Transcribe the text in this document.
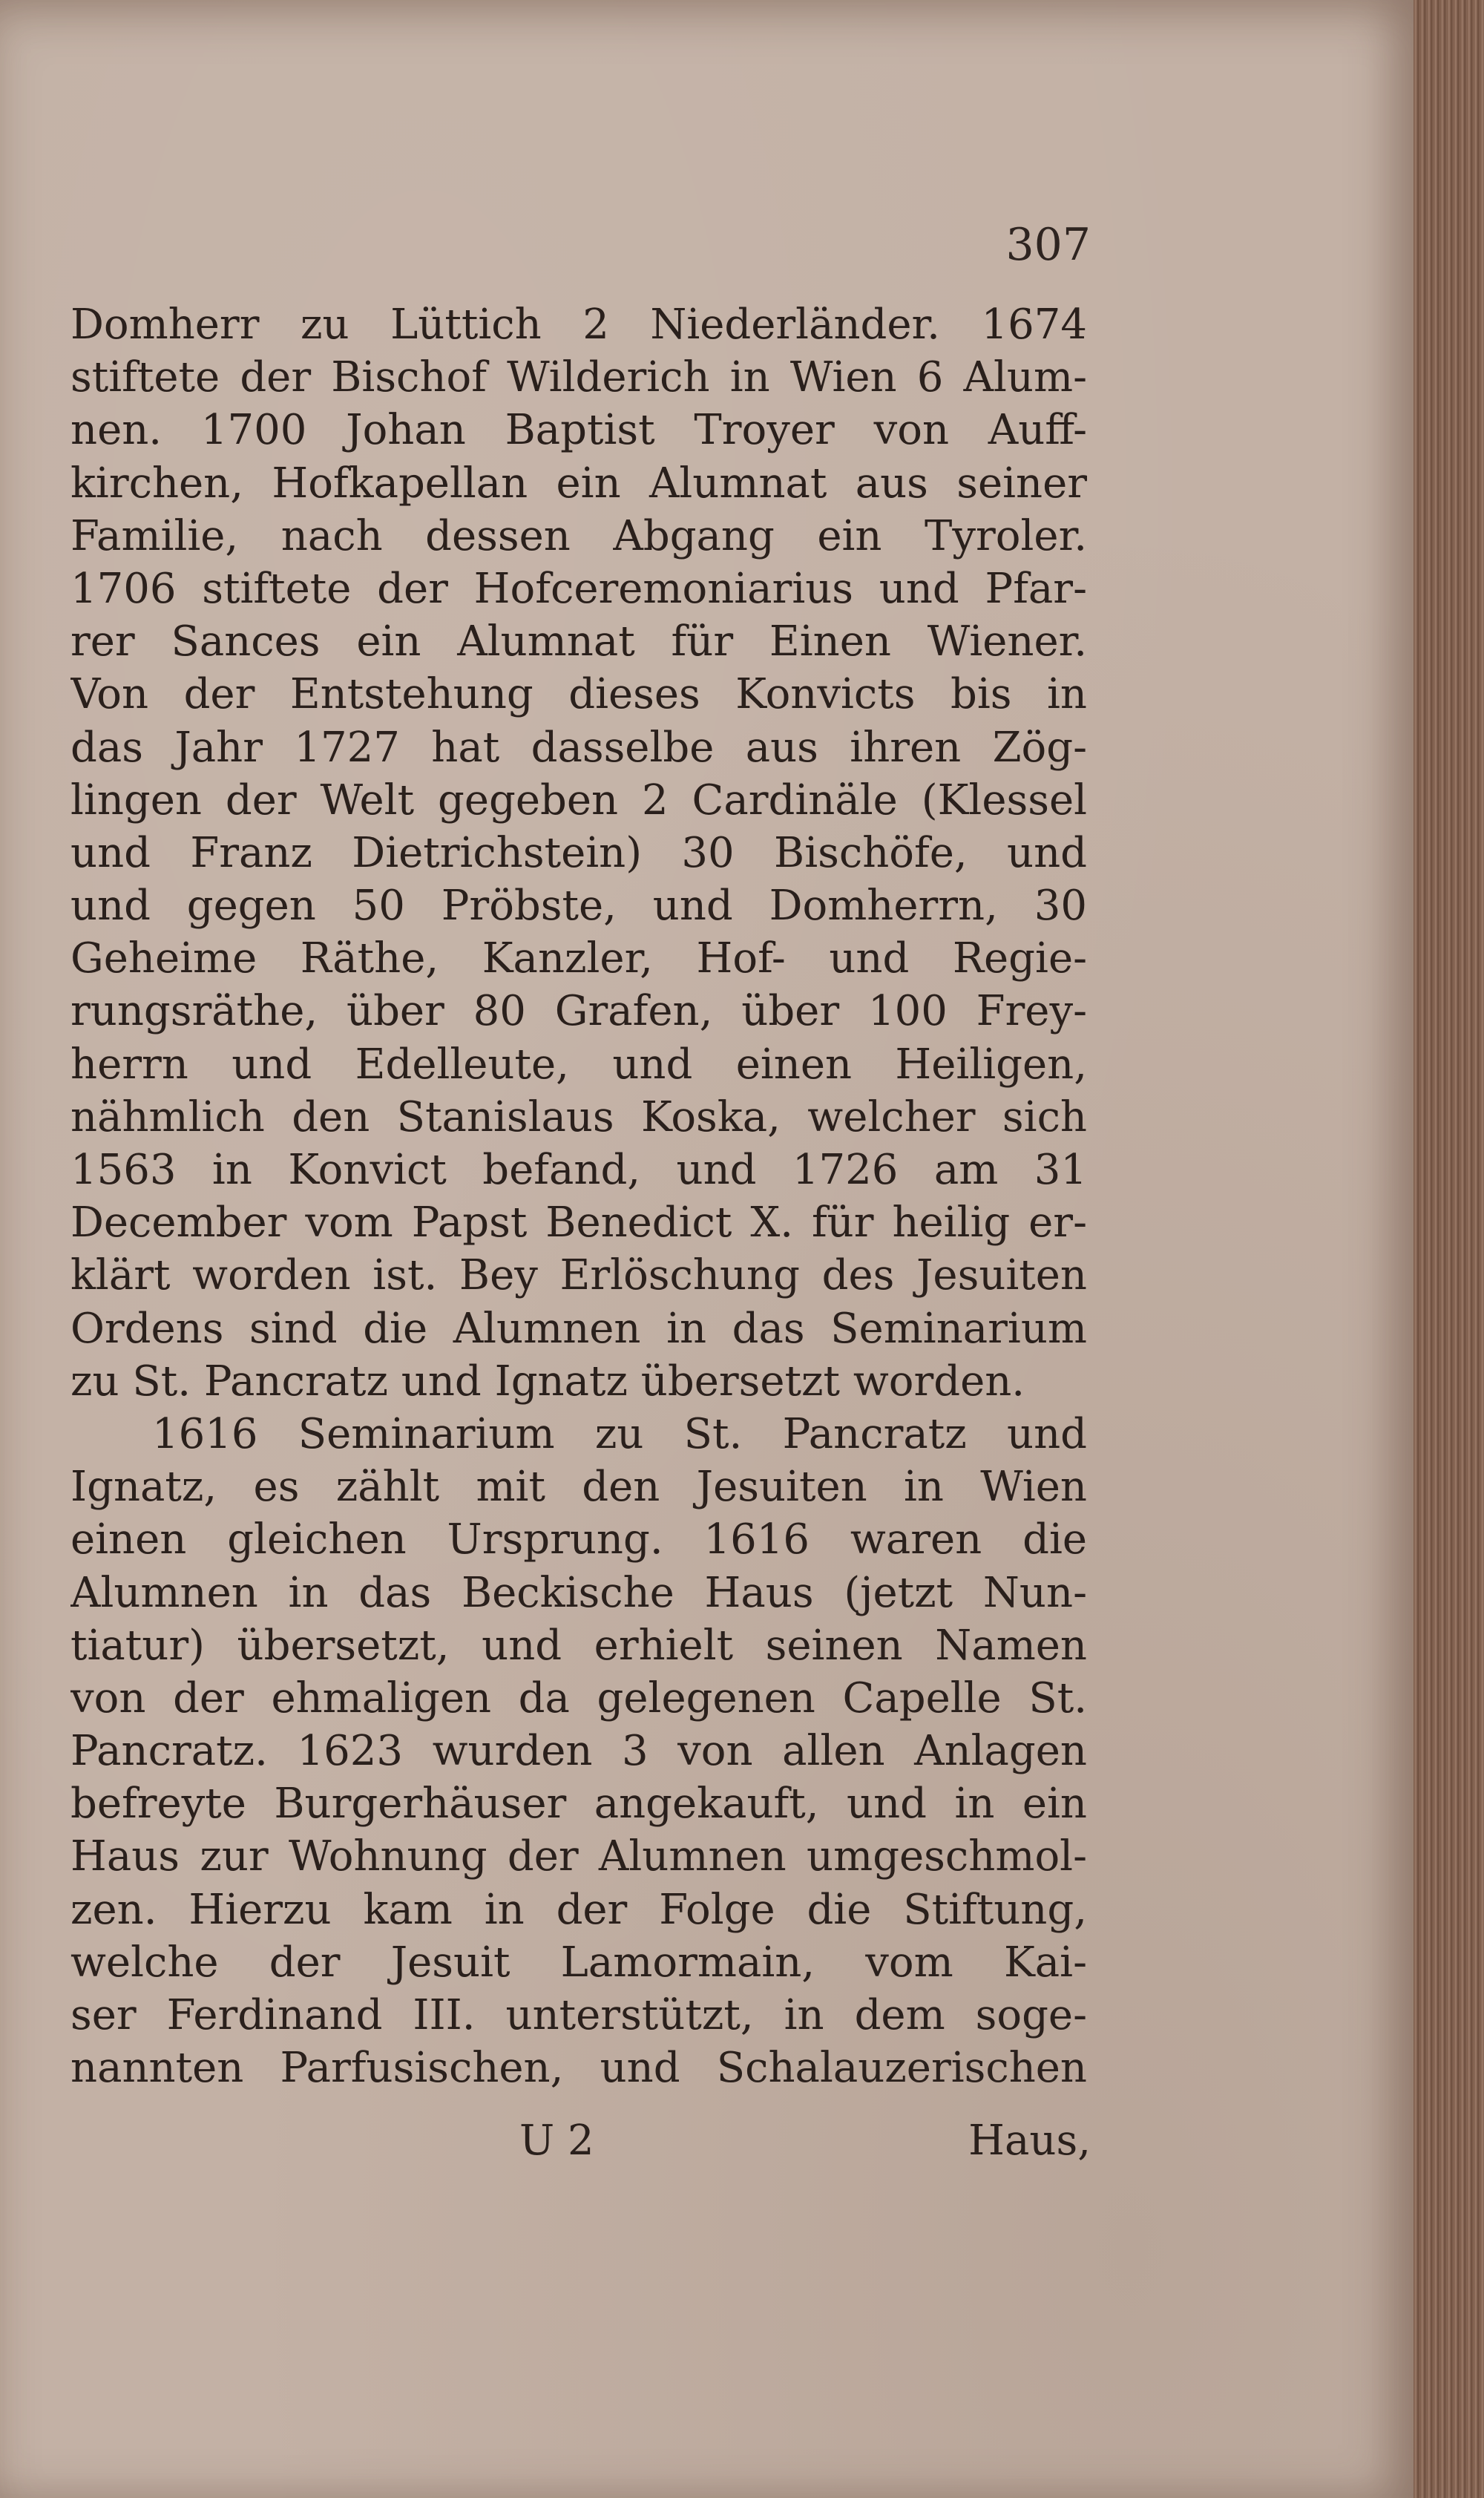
307
Domherr zu Lüttich 2 Niederländer. 1674
stiftete der Bischof Wilderich in Wien 6 Alum-
nen. 1700 Johan Baptist Troyer von Auff-
kirchen, Hofkapellan ein Alumnat aus seiner
Familie, nach dessen Abgang ein Tyroler.
1706 stiftete der Hofceremoniarius und Pfar-
rer Sances ein Alumnat für Einen Wiener.
Von der Entstehung dieses Konvicts bis in
das Jahr 1727 hat dasselbe aus ihren Zög-
lingen der Welt gegeben 2 Cardinäle (Klessel
und Franz Dietrichstein) 30 Bischöfe, und
und gegen 50 Pröbste, und Domherrn, 30
Geheime Räthe, Kanzler, Hof- und Regie-
rungsräthe, über 80 Grafen, über 100 Frey-
herrn und Edelleute, und einen Heiligen,
nähmlich den Stanislaus Koska, welcher sich
1563 in Konvict befand, und 1726 am 31
December vom Papst Benedict X. für heilig er-
klärt worden ist. Bey Erlöschung des Jesuiten
Ordens sind die Alumnen in das Seminarium
zu St. Pancratz und Ignatz übersetzt worden.
1616 Seminarium zu St. Pancratz und
Ignatz, es zählt mit den Jesuiten in Wien
einen gleichen Ursprung. 1616 waren die
Alumnen in das Beckische Haus (jetzt Nun-
tiatur) übersetzt, und erhielt seinen Namen
von der ehmaligen da gelegenen Capelle St.
Pancratz. 1623 wurden 3 von allen Anlagen
befreyte Burgerhäuser angekauft, und in ein
Haus zur Wohnung der Alumnen umgeschmol-
zen. Hierzu kam in der Folge die Stiftung,
welche der Jesuit Lamormain, vom Kai-
ser Ferdinand III. unterstützt, in dem soge-
nannten Parfusischen, und Schalauzerischen
U 2	Haus,
